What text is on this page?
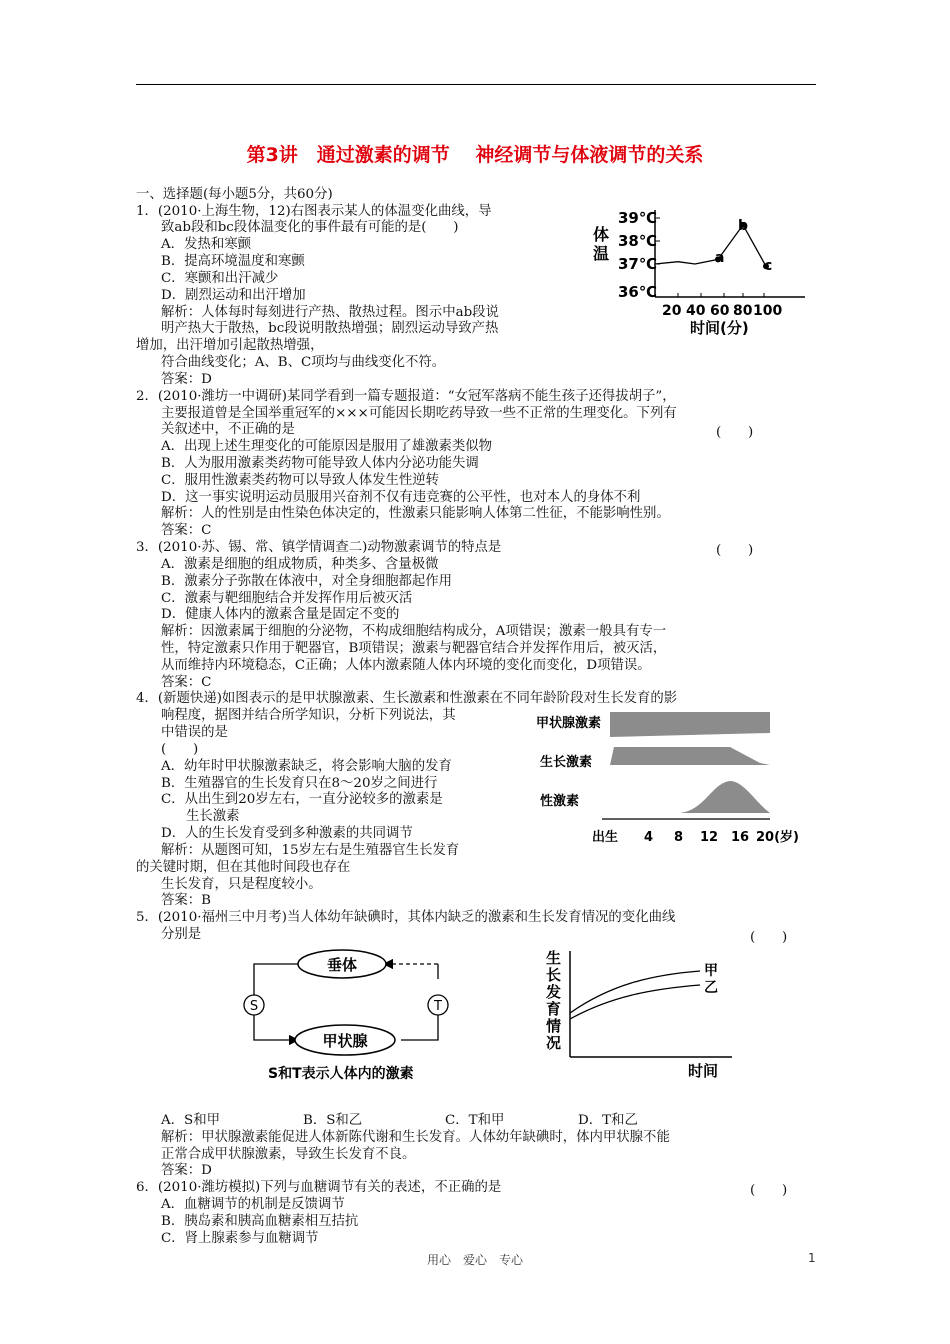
第3讲　通过激素的调节　 神经调节与体液调节的关系
一、选择题(每小题5分，共60分)
1．(2010·上海生物，12)右图表示某人的体温变化曲线，导
致ab段和bc段体温变化的事件最有可能的是(　　)
A．发热和寒颤
B．提高环境温度和寒颤
C．寒颤和出汗减少
D．剧烈运动和出汗增加
解析：人体每时每刻进行产热、散热过程。图示中ab段说
明产热大于散热，bc段说明散热增强；剧烈运动导致产热
增加，出汗增加引起散热增强，
符合曲线变化；A、B、C项均与曲线变化不符。
答案：D
2．(2010·潍坊一中调研)某同学看到一篇专题报道：“女冠军落病不能生孩子还得拔胡子”，
主要报道曾是全国举重冠军的×××可能因长期吃药导致一些不正常的生理变化。下列有
关叙述中，不正确的是	(　　)
A．出现上述生理变化的可能原因是服用了雄激素类似物
B．人为服用激素类药物可能导致人体内分泌功能失调
C．服用性激素类药物可以导致人体发生性逆转
D．这一事实说明运动员服用兴奋剂不仅有违竞赛的公平性，也对本人的身体不利
解析：人的性别是由性染色体决定的，性激素只能影响人体第二性征，不能影响性别。
答案：C
3．(2010·苏、锡、常、镇学情调查二)动物激素调节的特点是	(　　)
A．激素是细胞的组成物质，种类多、含量极微
B．激素分子弥散在体液中，对全身细胞都起作用
C．激素与靶细胞结合并发挥作用后被灭活
D．健康人体内的激素含量是固定不变的
解析：因激素属于细胞的分泌物，不构成细胞结构成分，A项错误；激素一般具有专一
性，特定激素只作用于靶器官，B项错误；激素与靶器官结合并发挥作用后，被灭活，
从而维持内环境稳态，C正确；人体内激素随人体内环境的变化而变化，D项错误。
答案：C
4．(新题快递)如图表示的是甲状腺激素、生长激素和性激素在不同年龄阶段对生长发育的影
响程度，据图并结合所学知识，分析下列说法，其
中错误的是
(　　)
A．幼年时甲状腺激素缺乏，将会影响大脑的发育
B．生殖器官的生长发育只在8～20岁之间进行
C．从出生到20岁左右，一直分泌较多的激素是
生长激素
D．人的生长发育受到多种激素的共同调节
解析：从题图可知，15岁左右是生殖器官生长发育
的关键时期，但在其他时间段也存在
生长发育，只是程度较小。
答案：B
5．(2010·福州三中月考)当人体幼年缺碘时，其体内缺乏的激素和生长发育情况的变化曲线
分别是	(　　)
A．S和甲	B．S和乙	C．T和甲	D．T和乙
解析：甲状腺激素能促进人体新陈代谢和生长发育。人体幼年缺碘时，体内甲状腺不能
正常合成甲状腺激素，导致生长发育不良。
答案：D
6．(2010·潍坊模拟)下列与血糖调节有关的表述，不正确的是	(　　)
A．血糖调节的机制是反馈调节
B．胰岛素和胰高血糖素相互拮抗
C．肾上腺素参与血糖调节
体
温
39℃
38℃
37℃
36℃
a
b
c
20 40 60 80 100
时间(分)
甲状腺激素
生长激素
性激素
出生 4 8 12 16 20(岁)
垂体
甲状腺
S	T
S和T表示人体内的激素
生
长
发
育
情
况
甲
乙
时间
用心　爱心　专心	1
